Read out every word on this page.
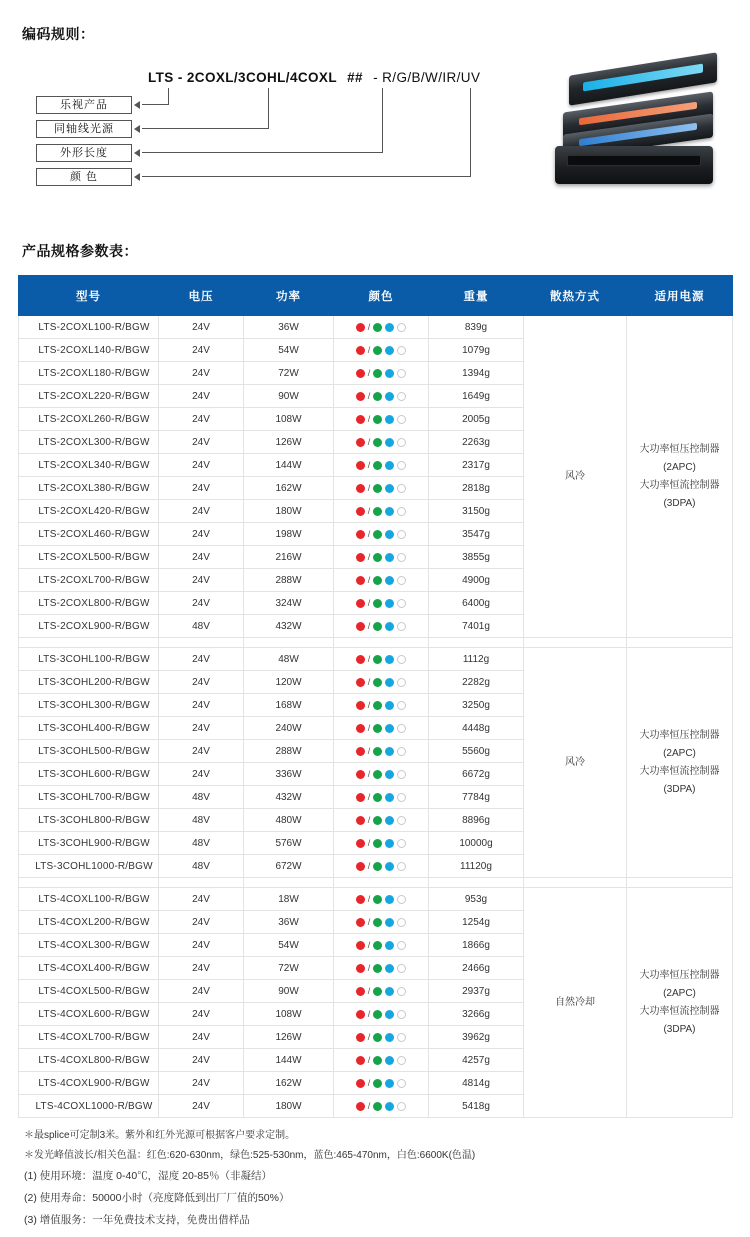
编码规则：
LTS - 2COXL/3COHL/4COXL ## - R/G/B/W/IR/UV
乐视产品
同轴线光源
外形长度
颜 色
产品规格参数表：
型号	电压	功率	颜色	重量	散热方式	适用电源
LTS-2COXL100-R/BGW	24V	36W	/	839g	风冷	大功率恒压控制器
(2APC)
大功率恒流控制器
(3DPA)

LTS-2COXL140-R/BGW	24V	54W	/	1079g		
LTS-2COXL180-R/BGW	24V	72W	/	1394g		
LTS-2COXL220-R/BGW	24V	90W	/	1649g		
LTS-2COXL260-R/BGW	24V	108W	/	2005g		
LTS-2COXL300-R/BGW	24V	126W	/	2263g		
LTS-2COXL340-R/BGW	24V	144W	/	2317g		
LTS-2COXL380-R/BGW	24V	162W	/	2818g		
LTS-2COXL420-R/BGW	24V	180W	/	3150g		
LTS-2COXL460-R/BGW	24V	198W	/	3547g		
LTS-2COXL500-R/BGW	24V	216W	/	3855g		
LTS-2COXL700-R/BGW	24V	288W	/	4900g		
LTS-2COXL800-R/BGW	24V	324W	/	6400g		
LTS-2COXL900-R/BGW	48V	432W	/	7401g		

LTS-3COHL100-R/BGW	24V	48W	/	1112g	风冷	大功率恒压控制器
(2APC)
大功率恒流控制器
(3DPA)

LTS-3COHL200-R/BGW	24V	120W	/	2282g		
LTS-3COHL300-R/BGW	24V	168W	/	3250g		
LTS-3COHL400-R/BGW	24V	240W	/	4448g		
LTS-3COHL500-R/BGW	24V	288W	/	5560g		
LTS-3COHL600-R/BGW	24V	336W	/	6672g		
LTS-3COHL700-R/BGW	48V	432W	/	7784g		
LTS-3COHL800-R/BGW	48V	480W	/	8896g		
LTS-3COHL900-R/BGW	48V	576W	/	10000g		
LTS-3COHL1000-R/BGW	48V	672W	/	11120g		

LTS-4COXL100-R/BGW	24V	18W	/	953g	自然冷却	大功率恒压控制器
(2APC)
大功率恒流控制器
(3DPA)

LTS-4COXL200-R/BGW	24V	36W	/	1254g		
LTS-4COXL300-R/BGW	24V	54W	/	1866g		
LTS-4COXL400-R/BGW	24V	72W	/	2466g		
LTS-4COXL500-R/BGW	24V	90W	/	2937g		
LTS-4COXL600-R/BGW	24V	108W	/	3266g		
LTS-4COXL700-R/BGW	24V	126W	/	3962g		
LTS-4COXL800-R/BGW	24V	144W	/	4257g		
LTS-4COXL900-R/BGW	24V	162W	/	4814g		
LTS-4COXL1000-R/BGW	24V	180W	/	5418g		
＊最splice可定制3米。紫外和红外光源可根据客户要求定制。
＊发光峰值波长/相关色温：红色:620-630nm，绿色:525-530nm，蓝色:465-470nm，白色:6600K(色温)
(1) 使用环境：温度 0-40℃，湿度 20-85％（非凝结）
(2) 使用寿命：50000小时（亮度降低到出厂厂值的50%）
(3) 增值服务：一年免费技术支持，免费出借样品
